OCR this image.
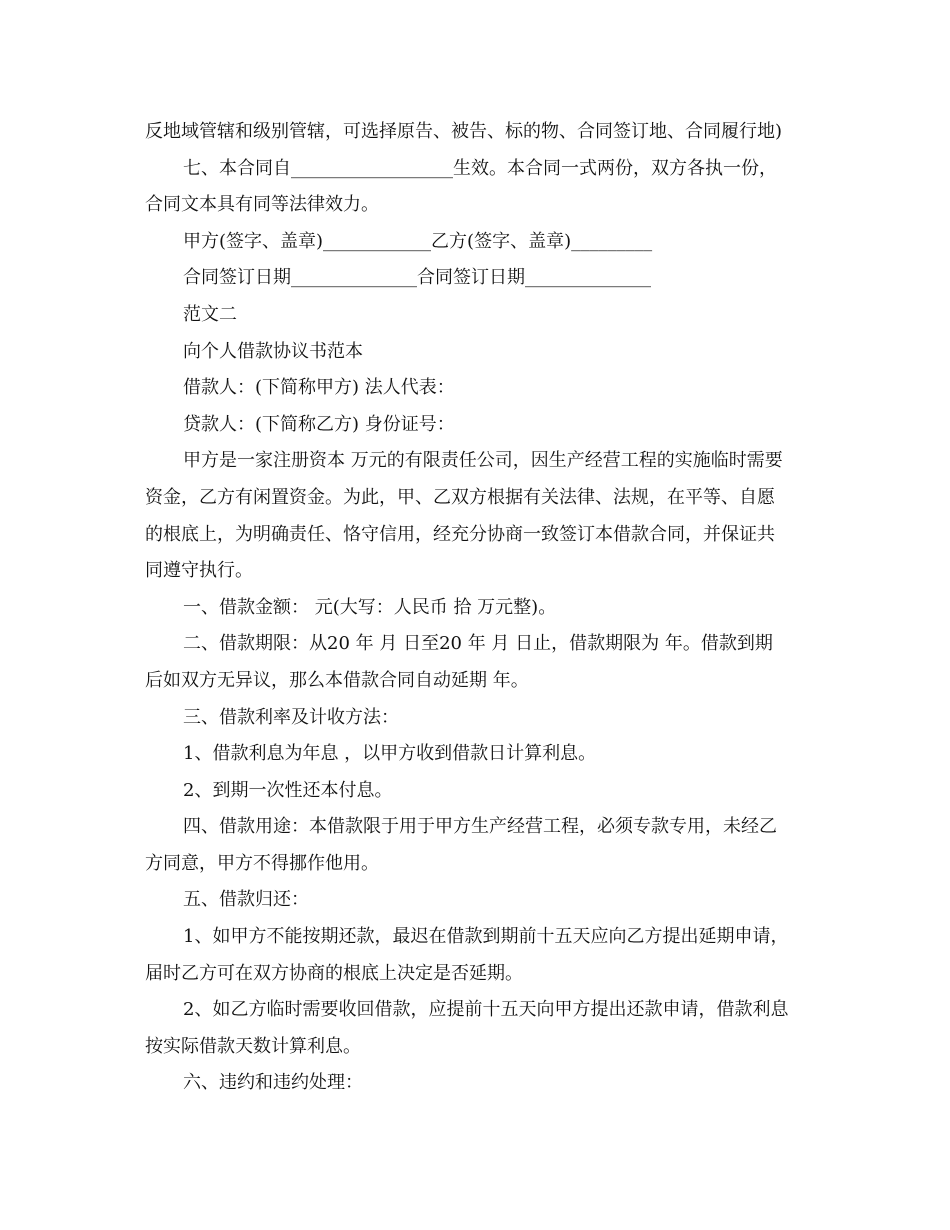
反地域管辖和级别管辖，可选择原告、被告、标的物、合同签订地、合同履行地)
七、本合同自__________________生效。本合同一式两份，双方各执一份，
合同文本具有同等法律效力。
甲方(签字、盖章)____________乙方(签字、盖章)_________
合同签订日期______________合同签订日期______________
范文二
向个人借款协议书范本
借款人：(下简称甲方) 法人代表：
贷款人：(下简称乙方) 身份证号：
甲方是一家注册资本 万元的有限责任公司，因生产经营工程的实施临时需要
资金，乙方有闲置资金。为此，甲、乙双方根据有关法律、法规，在平等、自愿
的根底上，为明确责任、恪守信用，经充分协商一致签订本借款合同，并保证共
同遵守执行。
一、借款金额： 元(大写：人民币 拾 万元整)。
二、借款期限：从20 年 月 日至20 年 月 日止，借款期限为 年。借款到期
后如双方无异议，那么本借款合同自动延期 年。
三、借款利率及计收方法：
1、借款利息为年息 ，以甲方收到借款日计算利息。
2、到期一次性还本付息。
四、借款用途：本借款限于用于甲方生产经营工程，必须专款专用，未经乙
方同意，甲方不得挪作他用。
五、借款归还：
1、如甲方不能按期还款，最迟在借款到期前十五天应向乙方提出延期申请，
届时乙方可在双方协商的根底上决定是否延期。
2、如乙方临时需要收回借款，应提前十五天向甲方提出还款申请，借款利息
按实际借款天数计算利息。
六、违约和违约处理：
